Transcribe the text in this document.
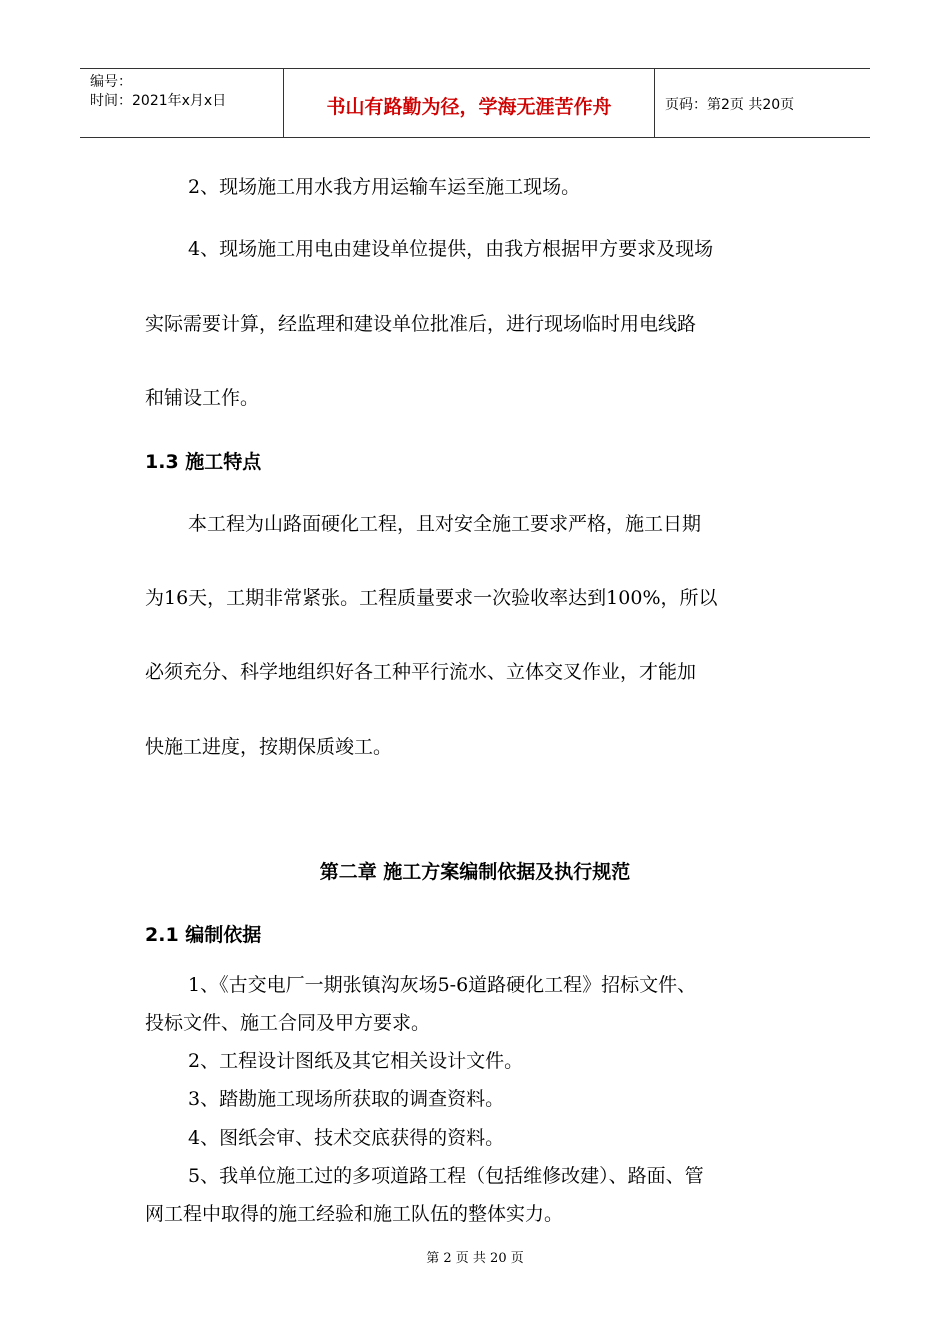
编号：
时间：2021年x月x日	书山有路勤为径，学海无涯苦作舟	页码：第2页 共20页
2、现场施工用水我方用运输车运至施工现场。
4、现场施工用电由建设单位提供，由我方根据甲方要求及现场
实际需要计算，经监理和建设单位批准后，进行现场临时用电线路
和铺设工作。
1.3 施工特点
本工程为山路面硬化工程，且对安全施工要求严格，施工日期
为16天，工期非常紧张。工程质量要求一次验收率达到100%，所以
必须充分、科学地组织好各工种平行流水、立体交叉作业，才能加
快施工进度，按期保质竣工。
第二章 施工方案编制依据及执行规范
2.1 编制依据
1、《古交电厂一期张镇沟灰场5-6道路硬化工程》招标文件、
投标文件、施工合同及甲方要求。
2、工程设计图纸及其它相关设计文件。
3、踏勘施工现场所获取的调查资料。
4、图纸会审、技术交底获得的资料。
5、我单位施工过的多项道路工程（包括维修改建）、路面、管
网工程中取得的施工经验和施工队伍的整体实力。
第 2 页 共 20 页
